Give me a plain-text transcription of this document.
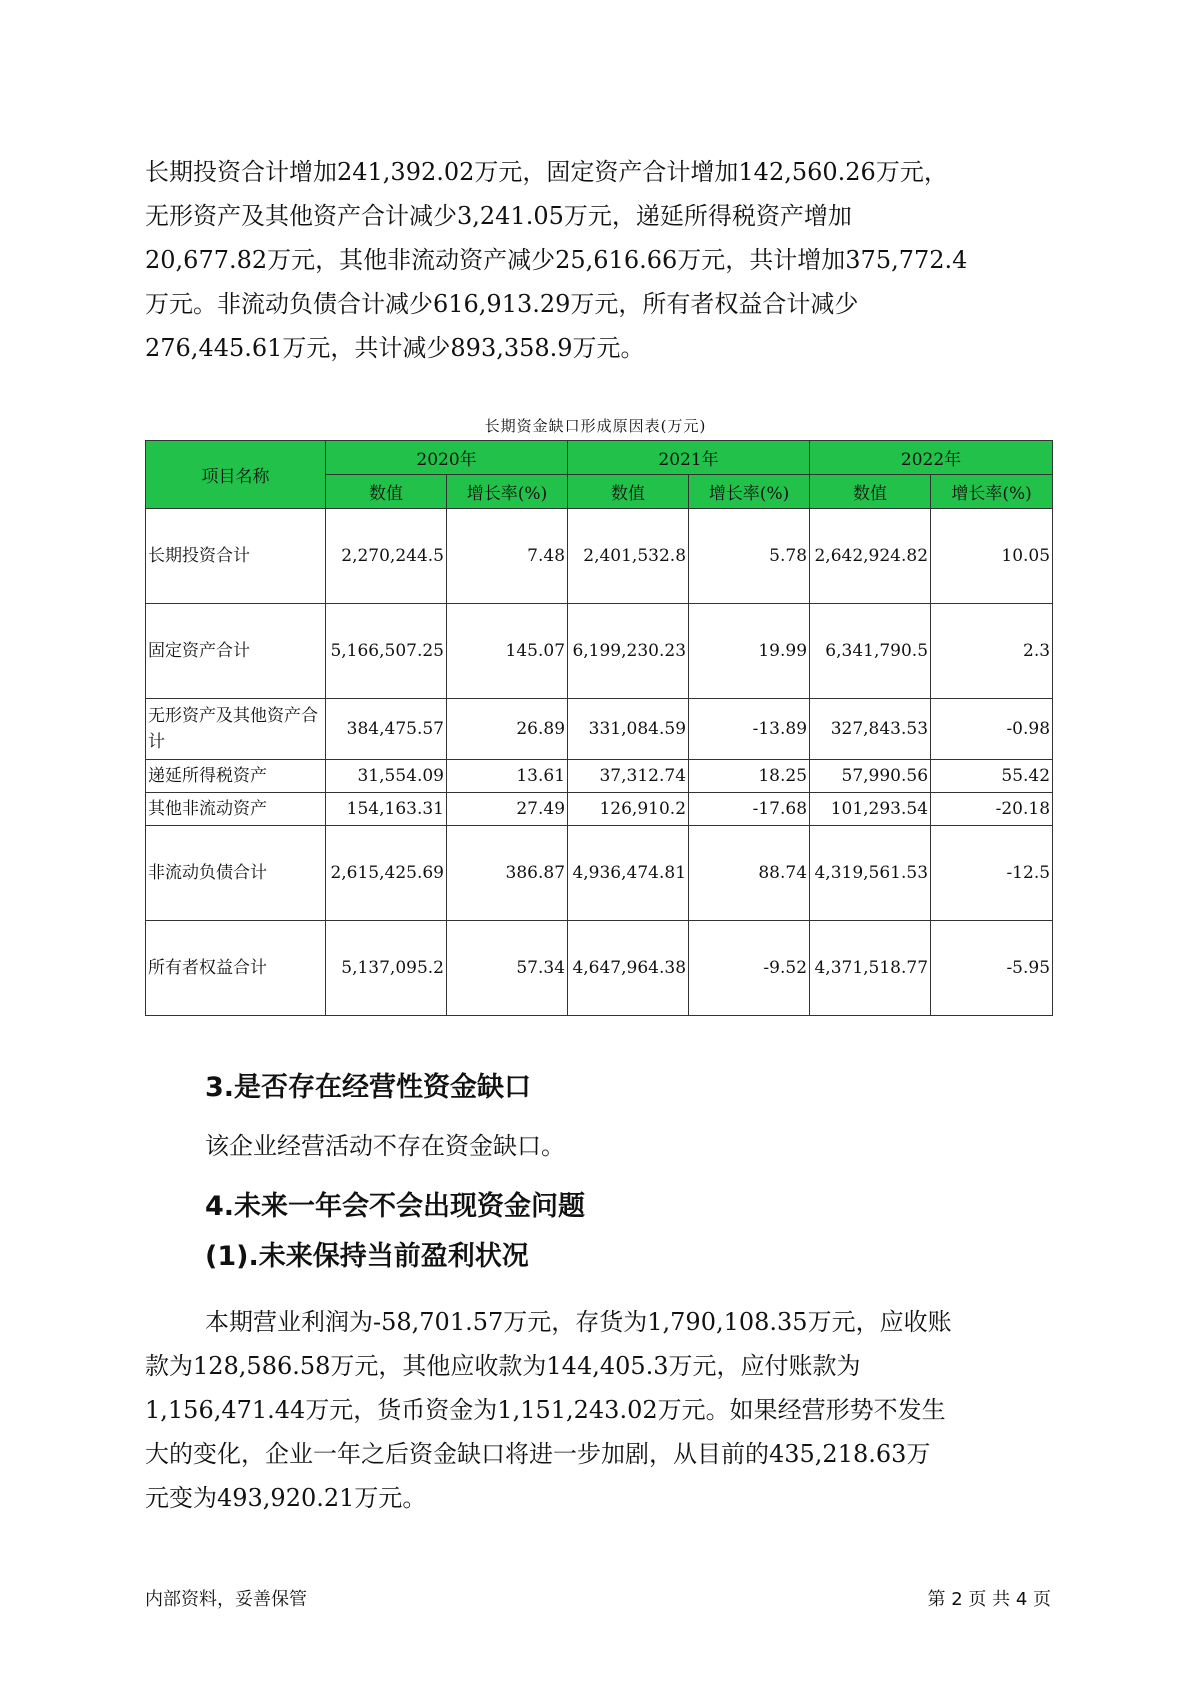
长期投资合计增加241,392.02万元，固定资产合计增加142,560.26万元，
无形资产及其他资产合计减少3,241.05万元，递延所得税资产增加
20,677.82万元，其他非流动资产减少25,616.66万元，共计增加375,772.4
万元。非流动负债合计减少616,913.29万元，所有者权益合计减少
276,445.61万元，共计减少893,358.9万元。
长期资金缺口形成原因表(万元)
项目名称	2020年		2021年		2022年	
	数值	增长率(%)	数值	增长率(%)	数值	增长率(%)
长期投资合计	2,270,244.5	7.48	2,401,532.8	5.78	2,642,924.82	10.05
固定资产合计	5,166,507.25	145.07	6,199,230.23	19.99	6,341,790.5	2.3
无形资产及其他资产合计	384,475.57	26.89	331,084.59	-13.89	327,843.53	-0.98
递延所得税资产	31,554.09	13.61	37,312.74	18.25	57,990.56	55.42
其他非流动资产	154,163.31	27.49	126,910.2	-17.68	101,293.54	-20.18
非流动负债合计	2,615,425.69	386.87	4,936,474.81	88.74	4,319,561.53	-12.5
所有者权益合计	5,137,095.2	57.34	4,647,964.38	-9.52	4,371,518.77	-5.95
3.是否存在经营性资金缺口
该企业经营活动不存在资金缺口。
4.未来一年会不会出现资金问题
(1).未来保持当前盈利状况
本期营业利润为-58,701.57万元，存货为1,790,108.35万元，应收账
款为128,586.58万元，其他应收款为144,405.3万元，应付账款为
1,156,471.44万元，货币资金为1,151,243.02万元。如果经营形势不发生
大的变化，企业一年之后资金缺口将进一步加剧，从目前的435,218.63万
元变为493,920.21万元。
内部资料，妥善保管	第 2 页 共 4 页
